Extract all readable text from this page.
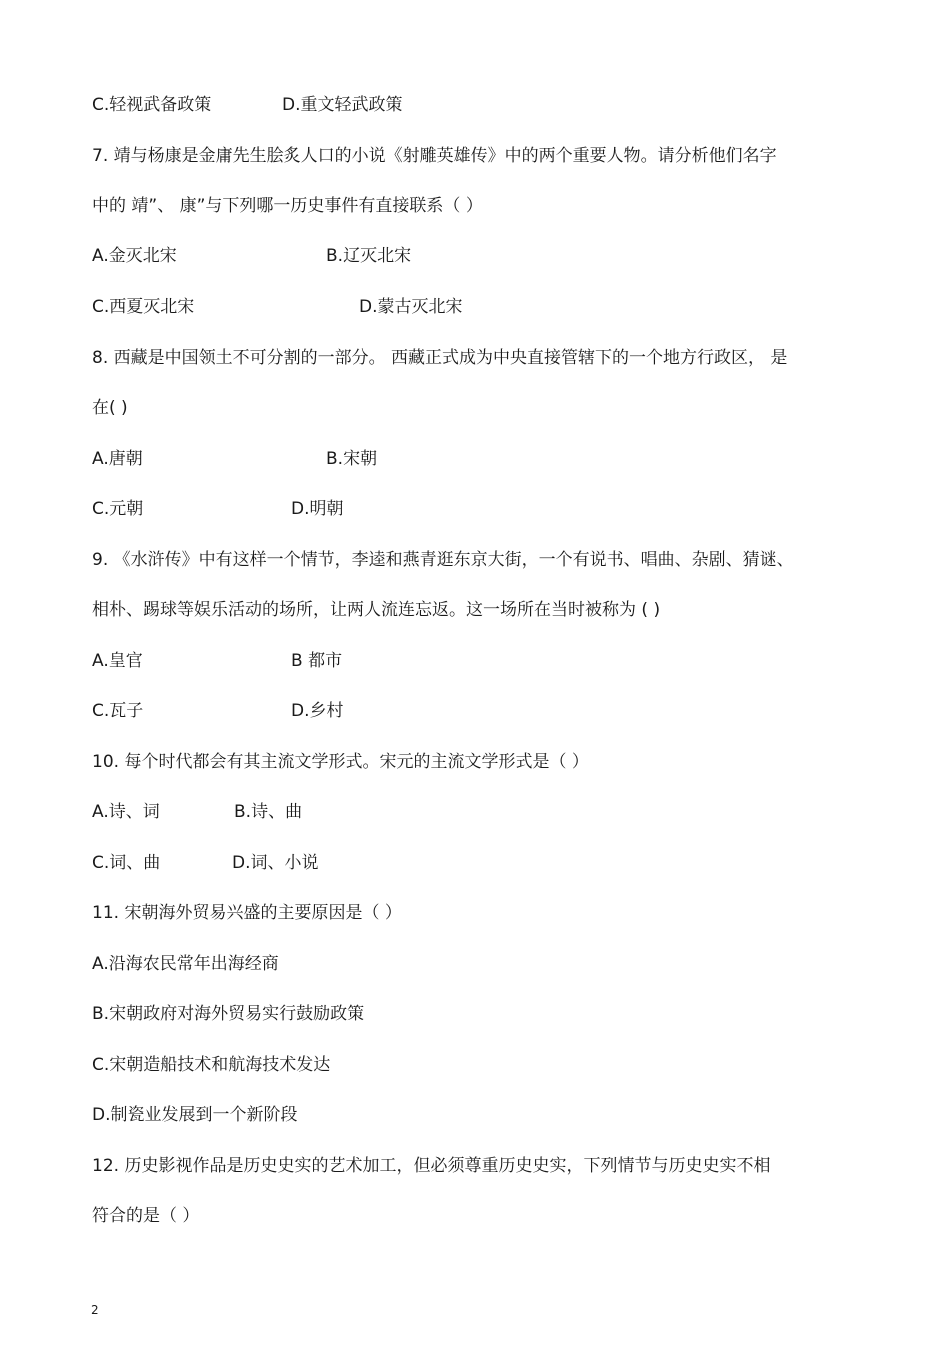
C.轻视武备政策	D.重文轻武政策
7. 靖与杨康是金庸先生脍炙人口的小说《射雕英雄传》中的两个重要人物。请分析他们名字
中的 靖”、 康”与下列哪一历史事件有直接联系（ ）
A.金灭北宋	B.辽灭北宋
C.西夏灭北宋	D.蒙古灭北宋
8. 西藏是中国领土不可分割的一部分。 西藏正式成为中央直接管辖下的一个地方行政区， 是
在( )
A.唐朝	B.宋朝
C.元朝	D.明朝
9. 《水浒传》中有这样一个情节，李逵和燕青逛东京大街，一个有说书、唱曲、杂剧、猜谜、
相朴、踢球等娱乐活动的场所，让两人流连忘返。这一场所在当时被称为 ( )
A.皇官	B 都市
C.瓦子	D.乡村
10. 每个时代都会有其主流文学形式。宋元的主流文学形式是（ ）
A.诗、词	B.诗、曲
C.词、曲	D.词、小说
11. 宋朝海外贸易兴盛的主要原因是（ ）
A.沿海农民常年出海经商
B.宋朝政府对海外贸易实行鼓励政策
C.宋朝造船技术和航海技术发达
D.制瓷业发展到一个新阶段
12. 历史影视作品是历史史实的艺术加工，但必须尊重历史史实，下列情节与历史史实不相
符合的是（ ）
2
